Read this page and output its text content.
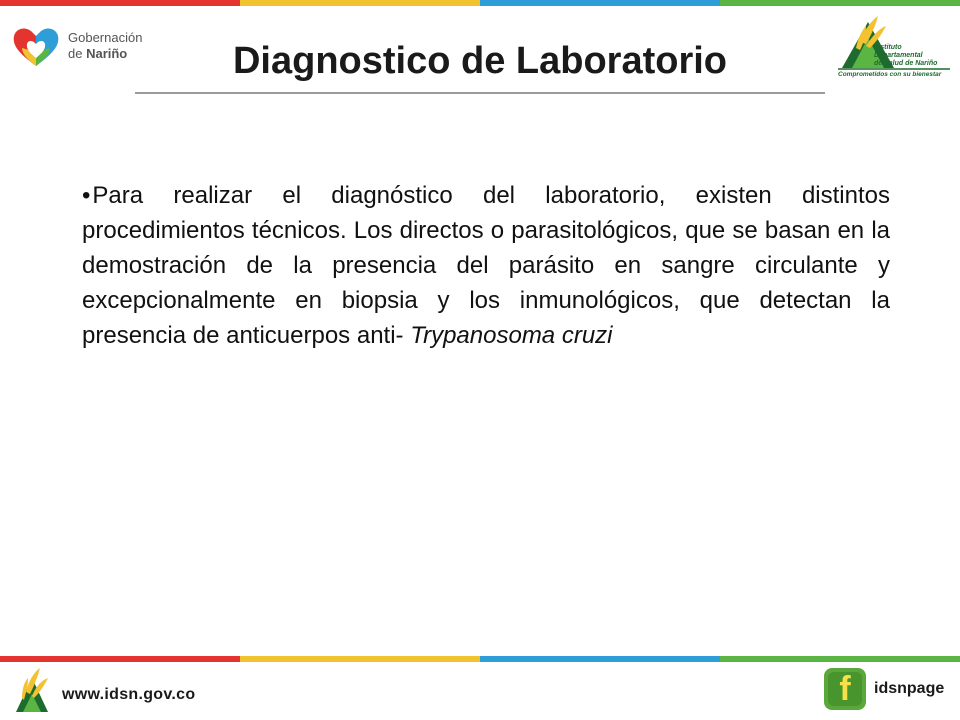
Gobernación
de Nariño	Diagnostico de Laboratorio	Instituto
Departamental
de Salud de Nariño
Comprometidos con su bienestar

•Para realizar el diagnóstico del laboratorio, existen distintos procedimientos técnicos. Los directos o parasitológicos, que se basan en la demostración de la presencia del parásito en sangre circulante y excepcionalmente en biopsia y los inmunológicos, que detectan la presencia de anticuerpos anti- Trypanosoma cruzi

www.idsn.gov.co	f	idsnpage
